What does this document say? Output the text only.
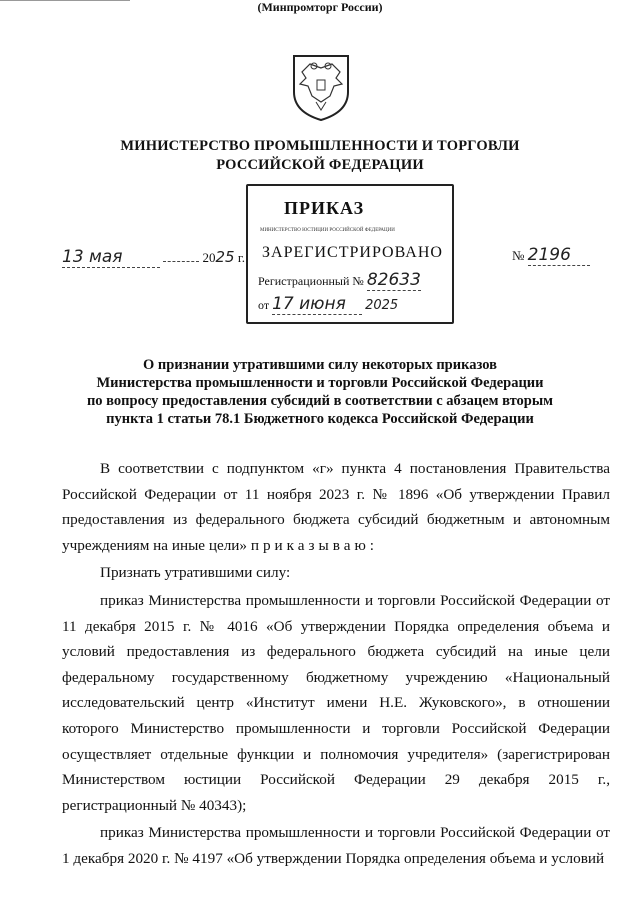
МИНИСТЕРСТВО ПРОМЫШЛЕННОСТИ И ТОРГОВЛИ
РОССИЙСКОЙ ФЕДЕРАЦИИ
(Минпромторг России)
ПРИКАЗ
МИНИСТЕРСТВО ЮСТИЦИИ РОССИЙСКОЙ ФЕДЕРАЦИИ
ЗАРЕГИСТРИРОВАНО
Регистрационный № 82633
от 17 июня 2025
13 мая	2025 г.	№ 2196
О признании утратившими силу некоторых приказов
Министерства промышленности и торговли Российской Федерации
по вопросу предоставления субсидий в соответствии с абзацем вторым
пункта 1 статьи 78.1 Бюджетного кодекса Российской Федерации

В соответствии с подпунктом «г» пункта 4 постановления Правительства Российской Федерации от 11 ноября 2023 г. № 1896 «Об утверждении Правил предоставления из федерального бюджета субсидий бюджетным и автономным учреждениям на иные цели» приказываю:

Признать утратившими силу:

приказ Министерства промышленности и торговли Российской Федерации от 11 декабря 2015 г. № 4016 «Об утверждении Порядка определения объема и условий предоставления из федерального бюджета субсидий на иные цели федеральному государственному бюджетному учреждению «Национальный исследовательский центр «Институт имени Н.Е. Жуковского», в отношении которого Министерство промышленности и торговли Российской Федерации осуществляет отдельные функции и полномочия учредителя» (зарегистрирован Министерством юстиции Российской Федерации 29 декабря 2015 г., регистрационный № 40343);

приказ Министерства промышленности и торговли Российской Федерации от 1 декабря 2020 г. № 4197 «Об утверждении Порядка определения объема и условий
